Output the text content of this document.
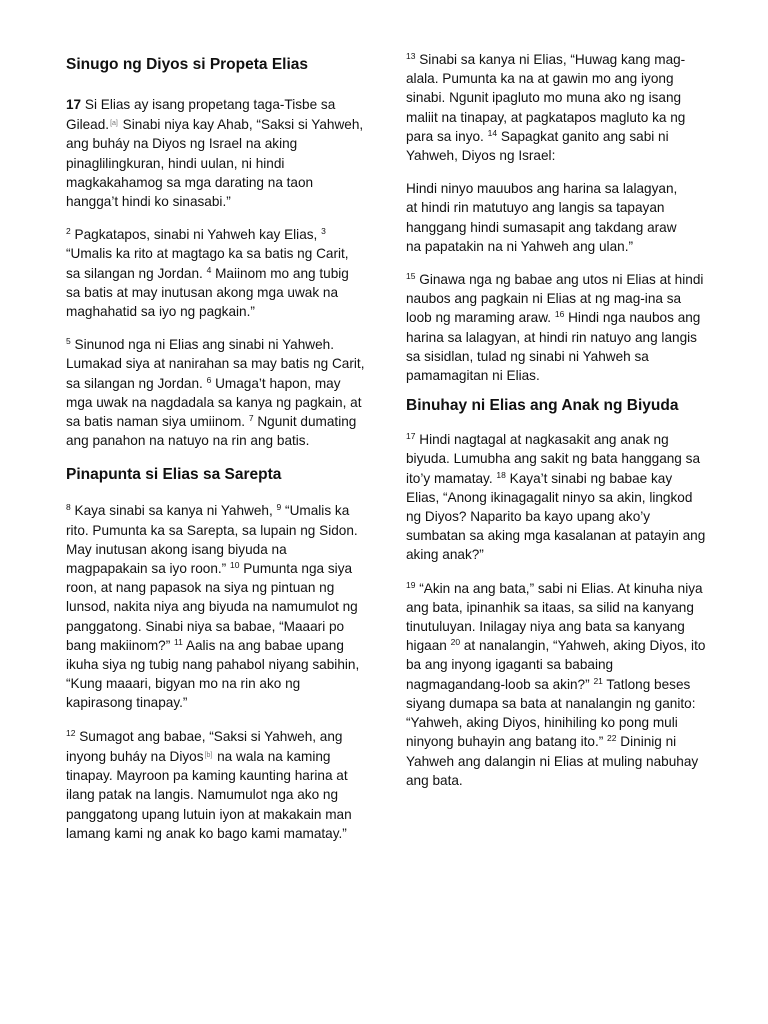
Sinugo ng Diyos si Propeta Elias

17 Si Elias ay isang propetang taga-Tisbe sa Gilead.[a] Sinabi niya kay Ahab, “Saksi si Yahweh, ang buháy na Diyos ng Israel na aking pinaglilingkuran, hindi uulan, ni hindi magkakahamog sa mga darating na taon hangga’t hindi ko sinasabi.”

$^2$ Pagkatapos, sinabi ni Yahweh kay Elias, $^3$ “Umalis ka rito at magtago ka sa batis ng Carit, sa silangan ng Jordan. $^4$ Maiinom mo ang tubig sa batis at may inutusan akong mga uwak na maghahatid sa iyo ng pagkain.”

$^5$ Sinunod nga ni Elias ang sinabi ni Yahweh. Lumakad siya at nanirahan sa may batis ng Carit, sa silangan ng Jordan. $^6$ Umaga’t hapon, may mga uwak na nagdadala sa kanya ng pagkain, at sa batis naman siya umiinom. $^7$ Ngunit dumating ang panahon na natuyo na rin ang batis.

Pinapunta si Elias sa Sarepta

$^8$ Kaya sinabi sa kanya ni Yahweh, $^9$ “Umalis ka rito. Pumunta ka sa Sarepta, sa lupain ng Sidon. May inutusan akong isang biyuda na magpapakain sa iyo roon.” $^{10}$ Pumunta nga siya roon, at nang papasok na siya ng pintuan ng lunsod, nakita niya ang biyuda na namumulot ng panggatong. Sinabi niya sa babae, “Maaari po bang makiinom?” $^{11}$ Aalis na ang babae upang ikuha siya ng tubig nang pahabol niyang sabihin, “Kung maaari, bigyan mo na rin ako ng kapirasong tinapay.”

$^{12}$ Sumagot ang babae, “Saksi si Yahweh, ang inyong buháy na Diyos[b] na wala na kaming tinapay. Mayroon pa kaming kaunting harina at ilang patak na langis. Namumulot nga ako ng panggatong upang lutuin iyon at makakain man lamang kami ng anak ko bago kami mamatay.”

$^{13}$ Sinabi sa kanya ni Elias, “Huwag kang mag-alala. Pumunta ka na at gawin mo ang iyong sinabi. Ngunit ipagluto mo muna ako ng isang maliit na tinapay, at pagkatapos magluto ka ng para sa inyo. $^{14}$ Sapagkat ganito ang sabi ni Yahweh, Diyos ng Israel:

Hindi ninyo mauubos ang harina sa lalagyan,

at hindi rin matutuyo ang langis sa tapayan hanggang hindi sumasapit ang takdang araw

na papatakin na ni Yahweh ang ulan.”

$^{15}$ Ginawa nga ng babae ang utos ni Elias at hindi naubos ang pagkain ni Elias at ng mag-ina sa loob ng maraming araw. $^{16}$ Hindi nga naubos ang harina sa lalagyan, at hindi rin natuyo ang langis sa sisidlan, tulad ng sinabi ni Yahweh sa pamamagitan ni Elias.

Binuhay ni Elias ang Anak ng Biyuda

$^{17}$ Hindi nagtagal at nagkasakit ang anak ng biyuda. Lumubha ang sakit ng bata hanggang sa ito’y mamatay. $^{18}$ Kaya’t sinabi ng babae kay Elias, “Anong ikinagagalit ninyo sa akin, lingkod ng Diyos? Naparito ba kayo upang ako’y sumbatan sa aking mga kasalanan at patayin ang aking anak?”

$^{19}$ “Akin na ang bata,” sabi ni Elias. At kinuha niya ang bata, ipinanhik sa itaas, sa silid na kanyang tinutuluyan. Inilagay niya ang bata sa kanyang higaan $^{20}$ at nanalangin, “Yahweh, aking Diyos, ito ba ang inyong igaganti sa babaing nagmagandang-loob sa akin?” $^{21}$ Tatlong beses siyang dumapa sa bata at nanalangin ng ganito: “Yahweh, aking Diyos, hinihiling ko pong muli ninyong buhayin ang batang ito.” $^{22}$ Dininig ni Yahweh ang dalangin ni Elias at muling nabuhay ang bata.
